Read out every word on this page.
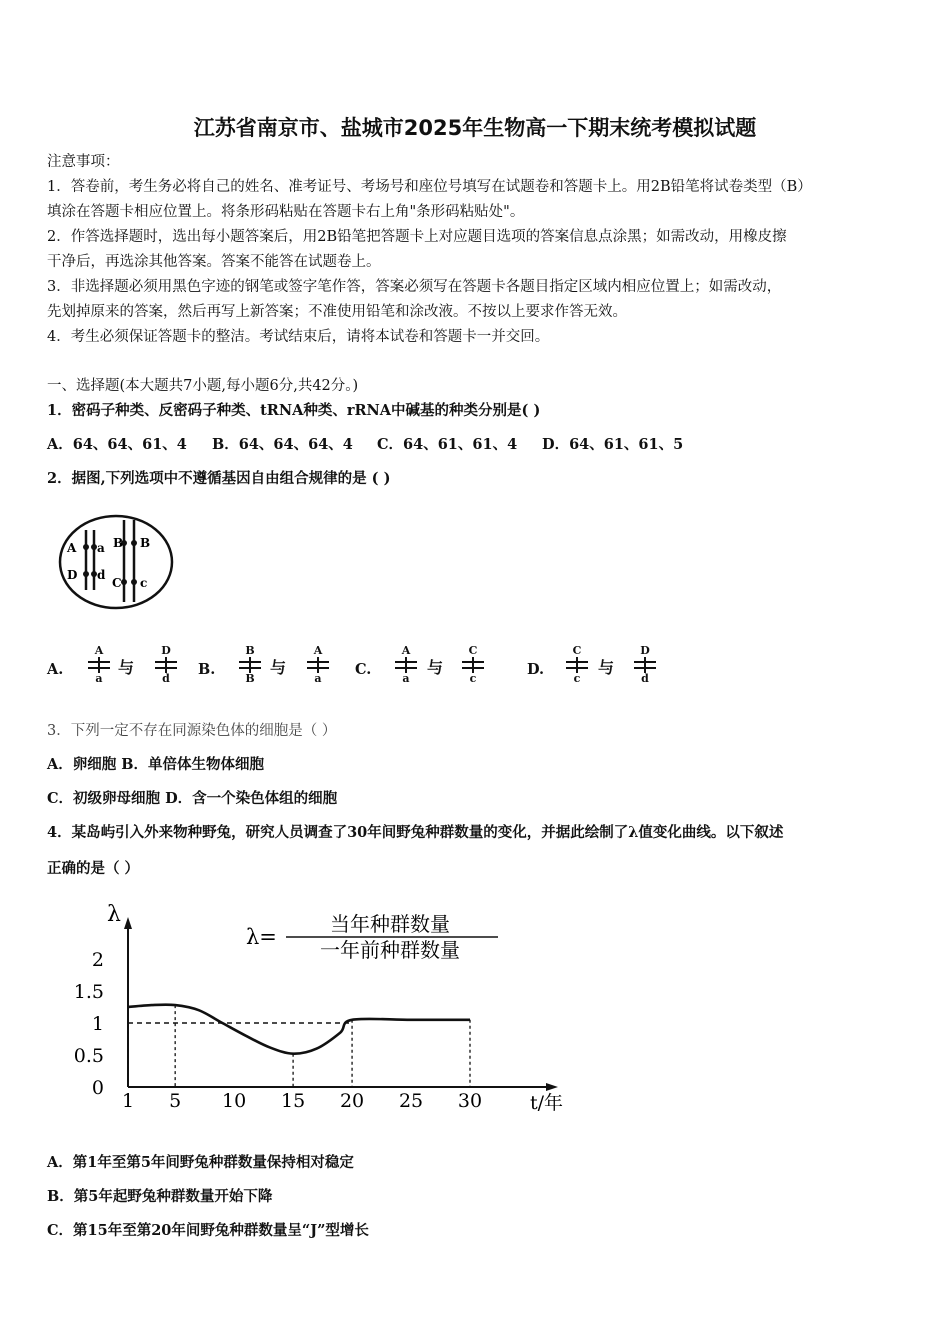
江苏省南京市、盐城市2025年生物高一下期末统考模拟试题
注意事项：
1．答卷前，考生务必将自己的姓名、准考证号、考场号和座位号填写在试题卷和答题卡上。用2B铅笔将试卷类型（B）
填涂在答题卡相应位置上。将条形码粘贴在答题卡右上角"条形码粘贴处"。
2．作答选择题时，选出每小题答案后，用2B铅笔把答题卡上对应题目选项的答案信息点涂黑；如需改动，用橡皮擦
干净后，再选涂其他答案。答案不能答在试题卷上。
3．非选择题必须用黑色字迹的钢笔或签字笔作答，答案必须写在答题卡各题目指定区域内相应位置上；如需改动，
先划掉原来的答案，然后再写上新答案；不准使用铅笔和涂改液。不按以上要求作答无效。
4．考生必须保证答题卡的整洁。考试结束后，请将本试卷和答题卡一并交回。
一、选择题(本大题共7小题,每小题6分,共42分。)
1．密码子种类、反密码子种类、tRNA种类、rRNA中碱基的种类分别是( )
A．64、64、61、4 B．64、64、64、4 C．64、61、61、4 D．64、61、61、5
2．据图,下列选项中不遵循基因自由组合规律的是 ( )
A a
D d
B B
C c
A.
A
a
与
D
d
B.
B
B
与
A
a
C.
A
a
与
C
c
D.
C
c
与
D
d
3．下列一定不存在同源染色体的细胞是（ ）
A．卵细胞 B．单倍体生物体细胞
C．初级卵母细胞 D．含一个染色体组的细胞
4．某岛屿引入外来物种野兔，研究人员调查了30年间野兔种群数量的变化，并据此绘制了λ值变化曲线。以下叙述
正确的是（ ）
λ
0
0.5
1
1.5
2
1 5 10 15 20 25 30	t/年
λ=
当年种群数量
一年前种群数量
A．第1年至第5年间野兔种群数量保持相对稳定
B．第5年起野兔种群数量开始下降
C．第15年至第20年间野兔种群数量呈“J”型增长
